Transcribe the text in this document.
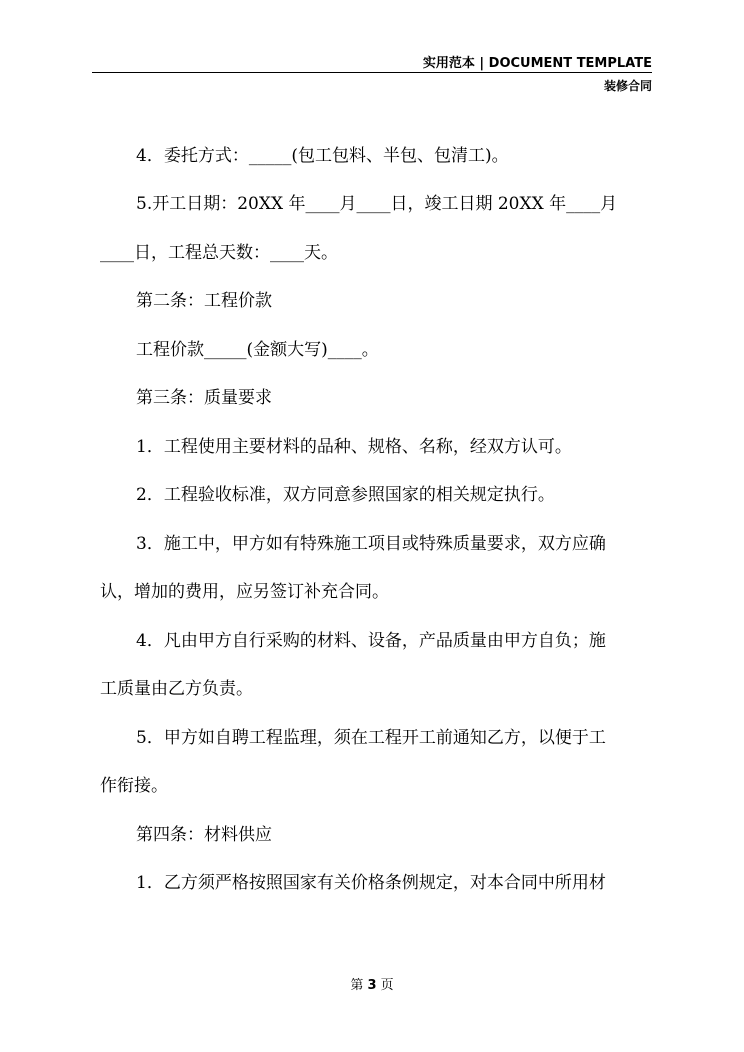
实用范本 | DOCUMENT TEMPLATE
装修合同
4．委托方式：_____(包工包料、半包、包清工)。
5.开工日期：20XX 年____月____日，竣工日期 20XX 年____月
____日，工程总天数：____天。
第二条：工程价款
工程价款_____(金额大写)____。
第三条：质量要求
1．工程使用主要材料的品种、规格、名称，经双方认可。
2．工程验收标准，双方同意参照国家的相关规定执行。
3．施工中，甲方如有特殊施工项目或特殊质量要求，双方应确
认，增加的费用，应另签订补充合同。
4．凡由甲方自行采购的材料、设备，产品质量由甲方自负；施
工质量由乙方负责。
5．甲方如自聘工程监理，须在工程开工前通知乙方，以便于工
作衔接。
第四条：材料供应
1．乙方须严格按照国家有关价格条例规定，对本合同中所用材
第 3 页
